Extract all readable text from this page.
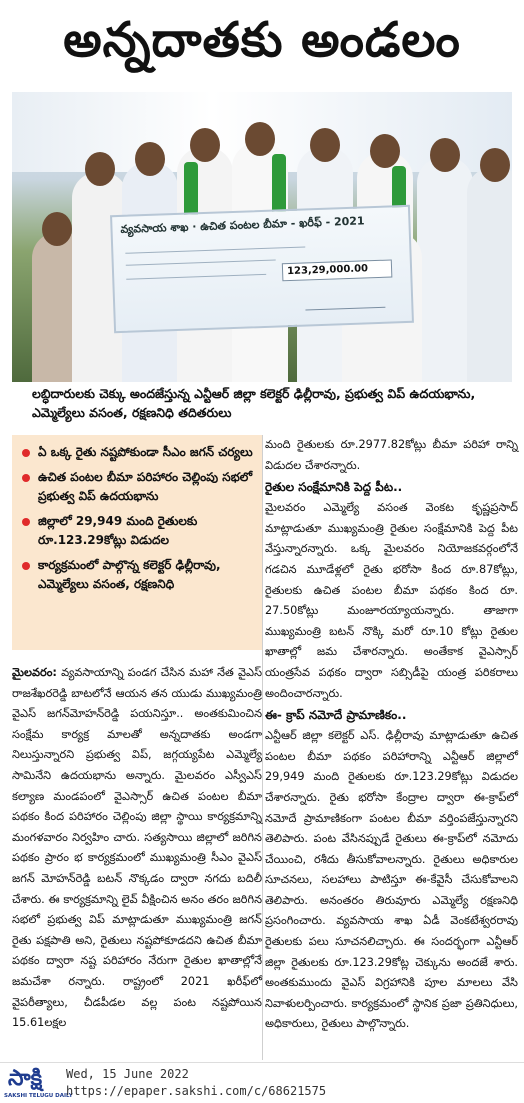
అన్నదాతకు అండలం
వ్యవసాయ శాఖ · ఉచిత పంటల బీమా - ఖరీఫ్ - 2021
123,29,000.00
లబ్ధిదారులకు చెక్కు అందజేస్తున్న ఎన్టీఆర్ జిల్లా కలెక్టర్ ఢిల్లీరావు, ప్రభుత్వ విప్ ఉదయభాను, ఎమ్మెల్యేలు వసంత, రక్షణనిధి తదితరులు
ఏ ఒక్క రైతు నష్టపోకుండా సీఎం జగన్ చర్యలు
ఉచిత పంటల బీమా పరిహారం చెల్లింపు సభలో ప్రభుత్వ విప్ ఉదయభాను
జిల్లాలో 29,949 మంది రైతులకు రూ.123.29కోట్లు విడుదల
కార్యక్రమంలో పాల్గొన్న కలెక్టర్ ఢిల్లీరావు, ఎమ్మెల్యేలు వసంత, రక్షణనిధి

మైలవరం: వ్యవసాయాన్ని పండగ చేసిన మహా నేత వైఎస్ రాజశేఖరరెడ్డి బాటలోనే ఆయన తన యుడు ముఖ్యమంత్రి వైఎస్ జగన్‌మోహన్‌రెడ్డి పయనిస్తూ.. అంతకుమించిన సంక్షేమ కార్యక్ర మాలతో అన్నదాతకు అండగా నిలుస్తున్నారని ప్రభుత్వ విప్, జగ్గయ్యపేట ఎమ్మెల్యే సామినేని ఉదయభాను అన్నారు. మైలవరం ఎస్వీఎస్ కల్యాణ మండపంలో వైఎస్సార్ ఉచిత పంటల బీమా పథకం కింద పరిహారం చెల్లింపు జిల్లా స్థాయి కార్యక్రమాన్ని మంగళవారం నిర్వహిం చారు. సత్యసాయి జిల్లాలో జరిగిన పథకం ప్రారం భ కార్యక్రమంలో ముఖ్యమంత్రి సీఎం వైఎస్ జగన్ మోహన్‌రెడ్డి బటన్ నొక్కడం ద్వారా నగదు బదిలీ చేశారు. ఈ కార్యక్రమాన్ని లైవ్ వీక్షించిన అనం తరం జరిగిన సభలో ప్రభుత్వ విప్ మాట్లాడుతూ ముఖ్యమంత్రి జగన్ రైతు పక్షపాతి అని, రైతులు నష్టపోకూడదని ఉచిత బీమా పథకం ద్వారా నష్ట పరిహారం నేరుగా రైతుల ఖాతాల్లోనే జమచేశా రన్నారు. రాష్ట్రంలో 2021 ఖరీఫ్‌లో వైపరీత్యాలు, చీడపీడల వల్ల పంట నష్టపోయిన 15.61లక్షల

మంది రైతులకు రూ.2977.82కోట్లు బీమా పరిహా రాన్ని విడుదల చేశారన్నారు.

రైతుల సంక్షేమానికి పెద్ద పీట..

మైలవరం ఎమ్మెల్యే వసంత వెంకట కృష్ణప్రసాద్ మాట్లాడుతూ ముఖ్యమంత్రి రైతుల సంక్షేమానికి పెద్ద పీట వేస్తున్నారన్నారు. ఒక్క మైలవరం నియోజకవర్గంలోనే గడచిన మూడేళ్లలో రైతు భరోసా కింద రూ.87కోట్లు, రైతులకు ఉచిత పంటల బీమా పథకం కింద రూ. 27.50కోట్లు మంజూరయ్యాయన్నారు. తాజాగా ముఖ్యమంత్రి బటన్ నొక్కి మరో రూ.10 కోట్లు రైతుల ఖాతాల్లో జమ చేశారన్నారు. అంతేకాక వైఎస్సార్ యంత్రసేవ పథకం ద్వారా సబ్సిడీపై యంత్ర పరికరాలు అందించారన్నారు.

ఈ- క్రాప్ నమోదే ప్రామాణికం..

ఎన్టీఆర్ జిల్లా కలెక్టర్ ఎస్. ఢిల్లీరావు మాట్లాడుతూ ఉచిత పంటల బీమా పథకం పరిహారాన్ని ఎన్టీఆర్ జిల్లాలో 29,949 మంది రైతులకు రూ.123.29కోట్లు విడుదల చేశారన్నారు. రైతు భరోసా కేంద్రాల ద్వారా ఈ-క్రాప్‌లో నమోదే ప్రామాణికంగా పంటల బీమా వర్తింపజేస్తున్నారని తెలిపారు. పంట వేసినప్పుడే రైతులు ఈ-క్రాప్‌లో నమోదు చేయించి, రశీదు తీసుకోవాలన్నారు. రైతులు అధికారుల సూచనలు, సలహాలు పాటిస్తూ ఈ-కేవైసీ చేసుకోవాలని తెలిపారు. అనంతరం తిరువూరు ఎమ్మెల్యే రక్షణనిధి ప్రసంగించారు. వ్యవసాయ శాఖ ఏడీ వెంకటేశ్వరరావు రైతులకు పలు సూచనలిచ్చారు. ఈ సందర్భంగా ఎన్టీఆర్ జిల్లా రైతులకు రూ.123.29కోట్ల చెక్కును అందజే శారు. అంతకుముందు వైఎస్ విగ్రహానికి పూల మాలలు వేసి నివాళులర్పించారు. కార్యక్రమంలో స్థానిక ప్రజా ప్రతినిధులు, అధికారులు, రైతులు పాల్గొన్నారు.

సాక్షి
SAKSHI TELUGU DAILY
Wed, 15 June 2022
https://epaper.sakshi.com/c/68621575
